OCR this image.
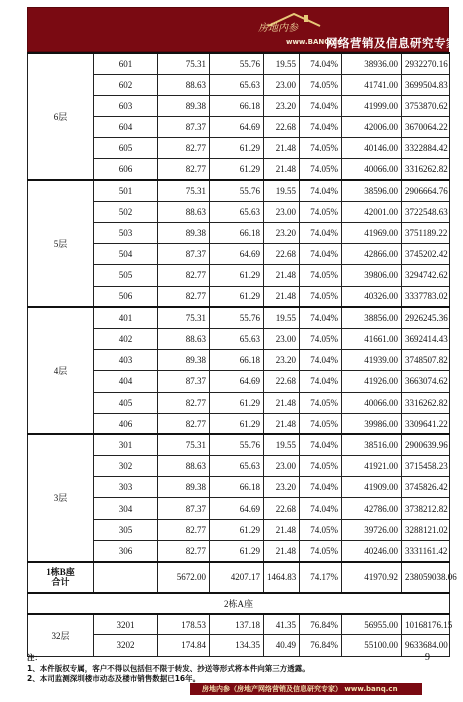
房地内参
www.BANQ.cn
网络营销及信息研究专家
6层	601	75.31	55.76	19.55	74.04%	38936.00	2932270.16	
	602	88.63	65.63	23.00	74.05%	41741.00	3699504.83	
	603	89.38	66.18	23.20	74.04%	41999.00	3753870.62	
	604	87.37	64.69	22.68	74.04%	42006.00	3670064.22	
	605	82.77	61.29	21.48	74.05%	40146.00	3322884.42	
	606	82.77	61.29	21.48	74.05%	40066.00	3316262.82	
5层	501	75.31	55.76	19.55	74.04%	38596.00	2906664.76	
	502	88.63	65.63	23.00	74.05%	42001.00	3722548.63	
	503	89.38	66.18	23.20	74.04%	41969.00	3751189.22	
	504	87.37	64.69	22.68	74.04%	42866.00	3745202.42	
	505	82.77	61.29	21.48	74.05%	39806.00	3294742.62	
	506	82.77	61.29	21.48	74.05%	40326.00	3337783.02	
4层	401	75.31	55.76	19.55	74.04%	38856.00	2926245.36	
	402	88.63	65.63	23.00	74.05%	41661.00	3692414.43	
	403	89.38	66.18	23.20	74.04%	41939.00	3748507.82	
	404	87.37	64.69	22.68	74.04%	41926.00	3663074.62	
	405	82.77	61.29	21.48	74.05%	40066.00	3316262.82	
	406	82.77	61.29	21.48	74.05%	39986.00	3309641.22	
3层	301	75.31	55.76	19.55	74.04%	38516.00	2900639.96	
	302	88.63	65.63	23.00	74.05%	41921.00	3715458.23	
	303	89.38	66.18	23.20	74.04%	41909.00	3745826.42	
	304	87.37	64.69	22.68	74.04%	42786.00	3738212.82	
	305	82.77	61.29	21.48	74.05%	39726.00	3288121.02	
	306	82.77	61.29	21.48	74.05%	40246.00	3331161.42	

1栋B座
合计		5672.00	4207.17	1464.83	74.17%	41970.92	238059038.06	
2栋A座								
32层	3201	178.53	137.18	41.35	76.84%	56955.00	10168176.15	
	3202	174.84	134.35	40.49	76.84%	55100.00	9633684.00	
注：
1、本件版权专属，客户不得以包括但不限于转发、抄送等形式将本件向第三方透露。
2、本司监测深圳楼市动态及楼市销售数据已16年。
9
房地内参（房地产网络营销及信息研究专家） www.banq.cn
